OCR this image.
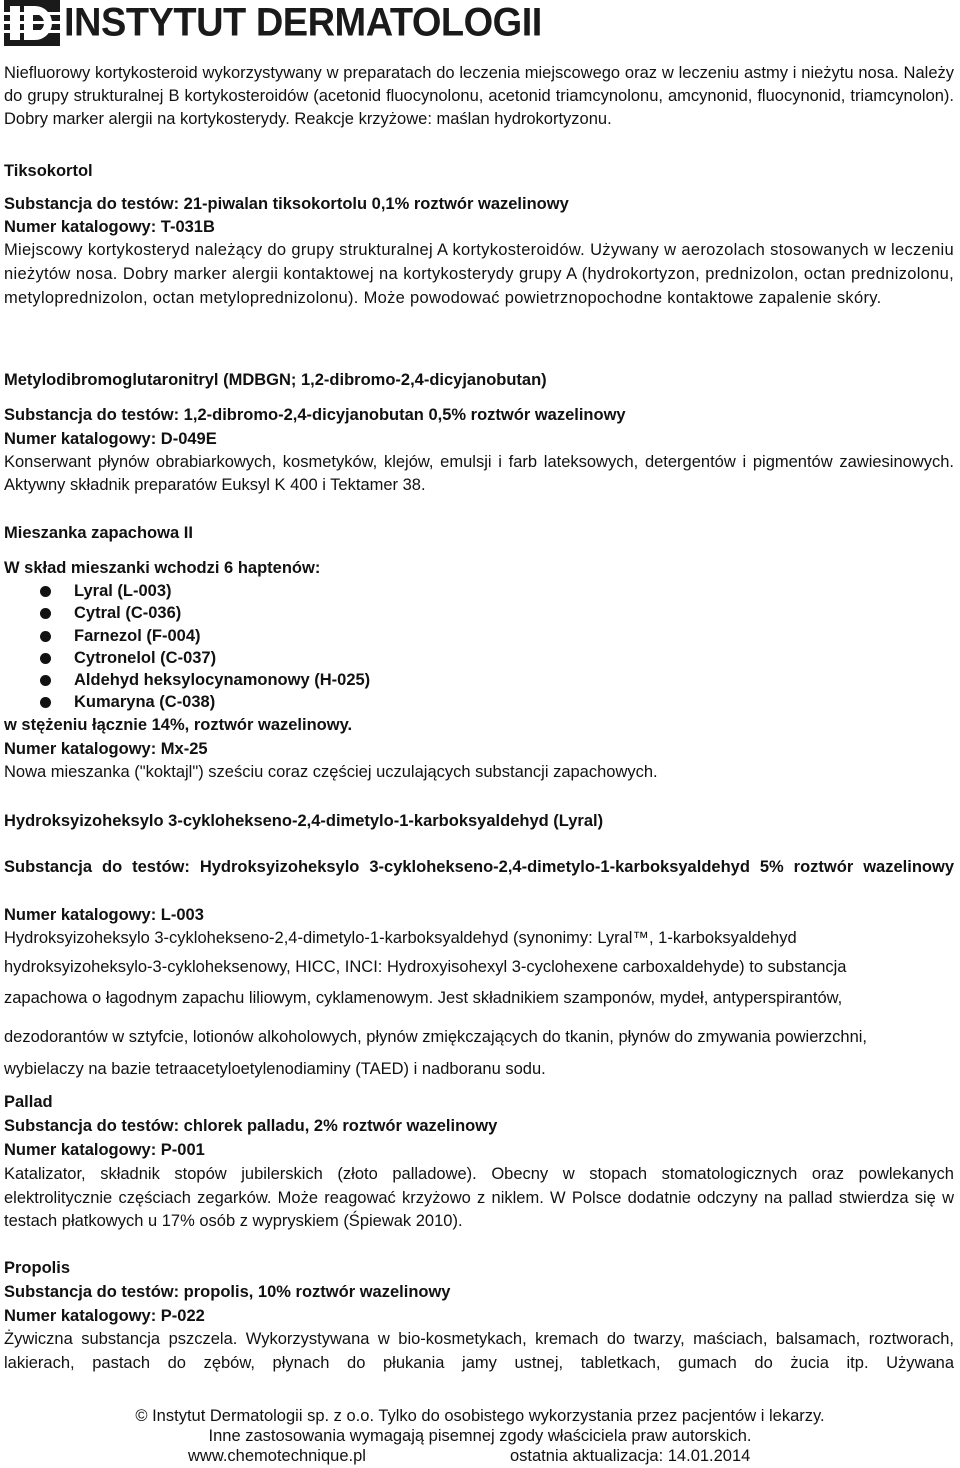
INSTYTUT DERMATOLOGII

Niefluorowy kortykosteroid wykorzystywany w preparatach do leczenia miejscowego oraz w leczeniu astmy i nieżytu nosa. Należy do grupy strukturalnej B kortykosteroidów (acetonid fluocynolonu, acetonid triamcynolonu, amcynonid, fluocynonid, triamcynolon). Dobry marker alergii na kortykosterydy. Reakcje krzyżowe: maślan hydrokortyzonu.

Tiksokortol

Substancja do testów: 21-piwalan tiksokortolu 0,1% roztwór wazelinowy

Numer katalogowy: T-031B

Miejscowy kortykosteryd należący do grupy strukturalnej A kortykosteroidów. Używany w aerozolach stosowanych w leczeniu nieżytów nosa. Dobry marker alergii kontaktowej na kortykosterydy grupy A (hydrokortyzon, prednizolon, octan prednizolonu, metyloprednizolon, octan metyloprednizolonu). Może powodować powietrznopochodne kontaktowe zapalenie skóry.

Metylodibromoglutaronitryl (MDBGN; 1,2-dibromo-2,4-dicyjanobutan)

Substancja do testów: 1,2-dibromo-2,4-dicyjanobutan 0,5% roztwór wazelinowy

Numer katalogowy: D-049E

Konserwant płynów obrabiarkowych, kosmetyków, klejów, emulsji i farb lateksowych, detergentów i pigmentów zawiesinowych. Aktywny składnik preparatów Euksyl K 400 i Tektamer 38.

Mieszanka zapachowa II

W skład mieszanki wchodzi 6 haptenów:

Lyral (L-003)
Cytral (C-036)
Farnezol (F-004)
Cytronelol (C-037)
Aldehyd heksylocynamonowy (H-025)
Kumaryna (C-038)

w stężeniu łącznie 14%, roztwór wazelinowy.

Numer katalogowy: Mx-25

Nowa mieszanka ("koktajl") sześciu coraz częściej uczulających substancji zapachowych.

Hydroksyizoheksylo 3-cyklohekseno-2,4-dimetylo-1-karboksyaldehyd (Lyral)

Substancja do testów: Hydroksyizoheksylo 3-cyklohekseno-2,4-dimetylo-1-karboksyaldehyd 5% roztwór wazelinowy

Numer katalogowy: L-003

Hydroksyizoheksylo 3-cyklohekseno-2,4-dimetylo-1-karboksyaldehyd (synonimy: Lyral™, 1-karboksyaldehyd

hydroksyizoheksylo-3-cykloheksenowy, HICC, INCI: Hydroxyisohexyl 3-cyclohexene carboxaldehyde) to substancja

zapachowa o łagodnym zapachu liliowym, cyklamenowym. Jest składnikiem szamponów, mydeł, antyperspirantów,

dezodorantów w sztyfcie, lotionów alkoholowych, płynów zmiękczających do tkanin, płynów do zmywania powierzchni,

wybielaczy na bazie tetraacetyloetylenodiaminy (TAED) i nadboranu sodu.

Pallad

Substancja do testów: chlorek palladu, 2% roztwór wazelinowy

Numer katalogowy: P-001

Katalizator, składnik stopów jubilerskich (złoto palladowe). Obecny w stopach stomatologicznych oraz powlekanych elektrolitycznie częściach zegarków. Może reagować krzyżowo z niklem. W Polsce dodatnie odczyny na pallad stwierdza się w testach płatkowych u 17% osób z wypryskiem (Śpiewak 2010).

Propolis

Substancja do testów: propolis, 10% roztwór wazelinowy

Numer katalogowy: P-022

Żywiczna substancja pszczela. Wykorzystywana w bio-kosmetykach, kremach do twarzy, maściach, balsamach, roztworach, lakierach, pastach do zębów, płynach do płukania jamy ustnej, tabletkach, gumach do żucia itp. Używana

© Instytut Dermatologii sp. z o.o. Tylko do osobistego wykorzystania przez pacjentów i lekarzy.
Inne zastosowania wymagają pisemnej zgody właściciela praw autorskich.
www.chemotechnique.pl	ostatnia aktualizacja: 14.01.2014
